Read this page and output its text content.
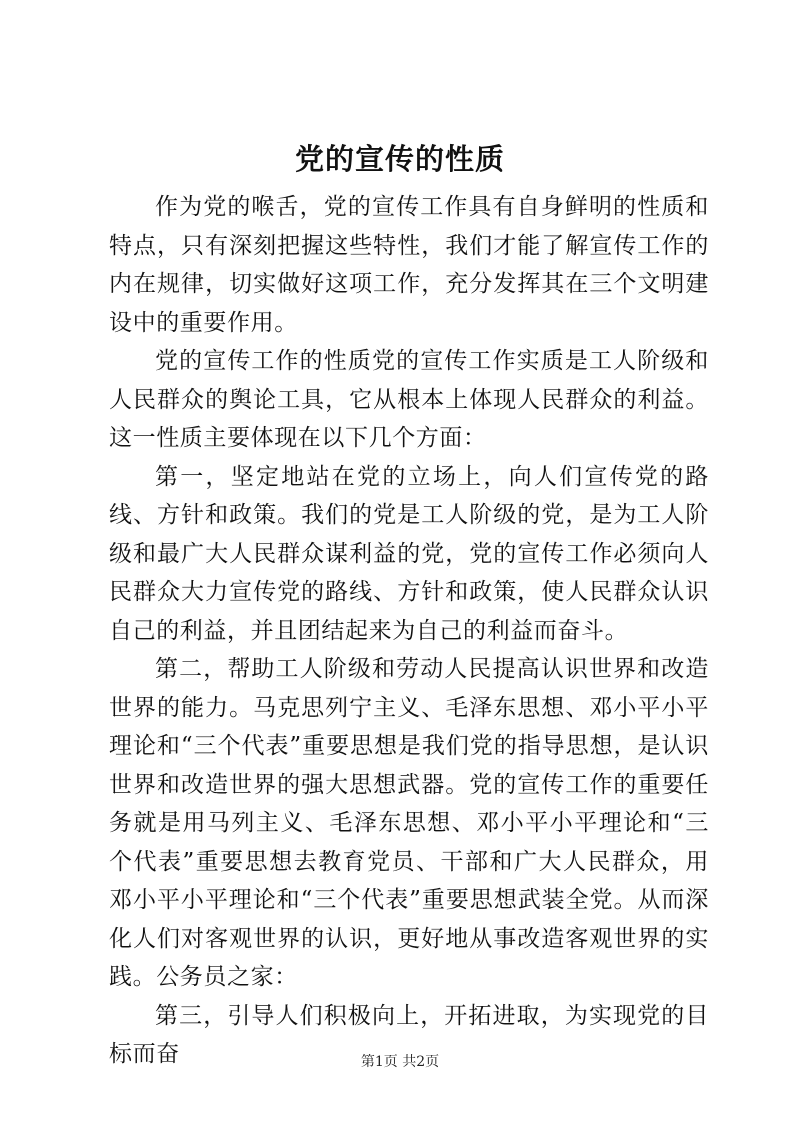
党的宣传的性质

作为党的喉舌，党的宣传工作具有自身鲜明的性质和特点，只有深刻把握这些特性，我们才能了解宣传工作的内在规律，切实做好这项工作，充分发挥其在三个文明建设中的重要作用。

党的宣传工作的性质党的宣传工作实质是工人阶级和人民群众的舆论工具，它从根本上体现人民群众的利益。这一性质主要体现在以下几个方面：

第一，坚定地站在党的立场上，向人们宣传党的路线、方针和政策。我们的党是工人阶级的党，是为工人阶级和最广大人民群众谋利益的党，党的宣传工作必须向人民群众大力宣传党的路线、方针和政策，使人民群众认识自己的利益，并且团结起来为自己的利益而奋斗。

第二，帮助工人阶级和劳动人民提高认识世界和改造世界的能力。马克思列宁主义、毛泽东思想、邓小平小平理论和“三个代表”重要思想是我们党的指导思想，是认识世界和改造世界的强大思想武器。党的宣传工作的重要任务就是用马列主义、毛泽东思想、邓小平小平理论和“三个代表”重要思想去教育党员、干部和广大人民群众，用邓小平小平理论和“三个代表”重要思想武装全党。从而深化人们对客观世界的认识，更好地从事改造客观世界的实践。公务员之家：

第三，引导人们积极向上，开拓进取，为实现党的目标而奋	第1页 共2页
